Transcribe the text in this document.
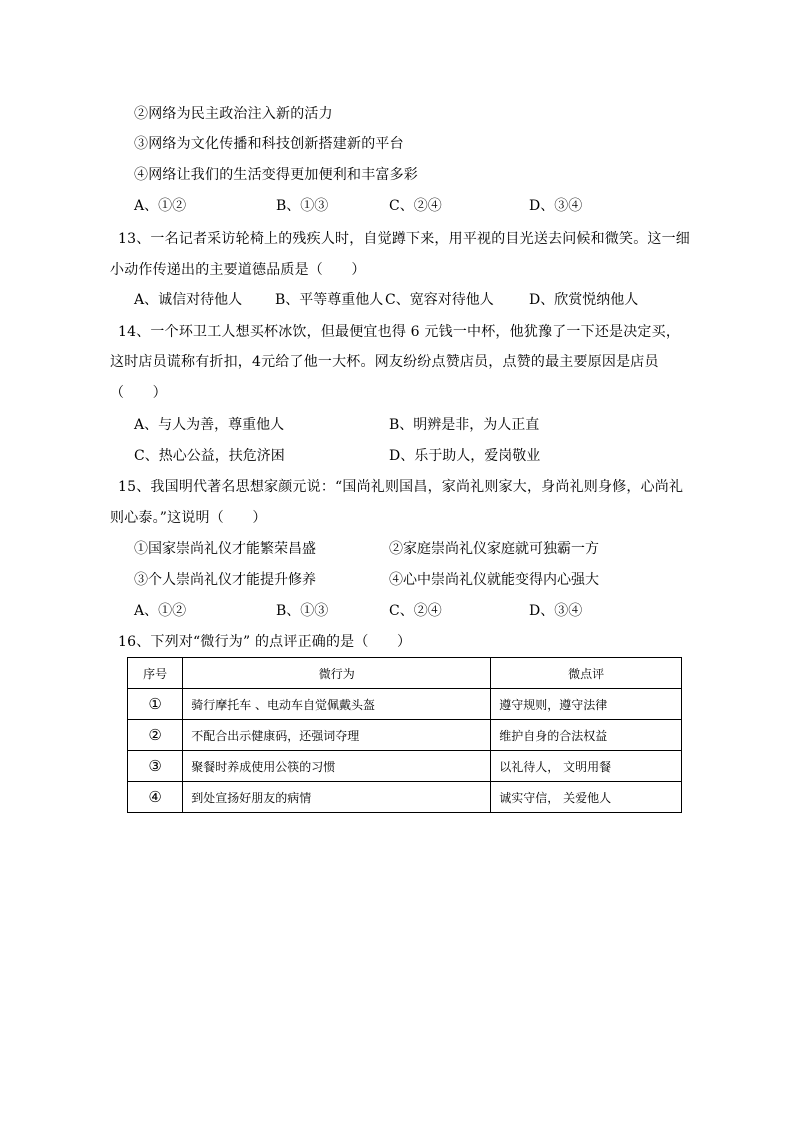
②网络为民主政治注入新的活力
③网络为文化传播和科技创新搭建新的平台
④网络让我们的生活变得更加便利和丰富多彩
A、①②	B、①③	C、②④	D、③④
13、一名记者采访轮椅上的残疾人时，自觉蹲下来，用平视的目光送去问候和微笑。这一细
小动作传递出的主要道德品质是（　　）
A、诚信对待他人 B、平等尊重他人 C、宽容对待他人	D、欣赏悦纳他人
14、一个环卫工人想买杯冰饮，但最便宜也得 6 元钱一中杯，他犹豫了一下还是决定买，
这时店员谎称有折扣，4元给了他一大杯。网友纷纷点赞店员，点赞的最主要原因是店员
（　　）
A、与人为善，尊重他人	B、明辨是非，为人正直
C、热心公益，扶危济困	D、乐于助人，爱岗敬业
15、我国明代著名思想家颜元说：“国尚礼则国昌，家尚礼则家大，身尚礼则身修，心尚礼
则心泰。”这说明（　　）
①国家崇尚礼仪才能繁荣昌盛	②家庭崇尚礼仪家庭就可独霸一方
③个人崇尚礼仪才能提升修养	④心中崇尚礼仪就能变得内心强大
A、①②	B、①③	C、②④	D、③④
16、下列对“微行为” 的点评正确的是（　　）
序号	微行为	微点评
①	骑行摩托车 、电动车自觉佩戴头盔	遵守规则，遵守法律
②	不配合出示健康码，还强词夺理	维护自身的合法权益
③	聚餐时养成使用公筷的习惯	以礼待人， 文明用餐
④	到处宣扬好朋友的病情	诚实守信， 关爱他人
